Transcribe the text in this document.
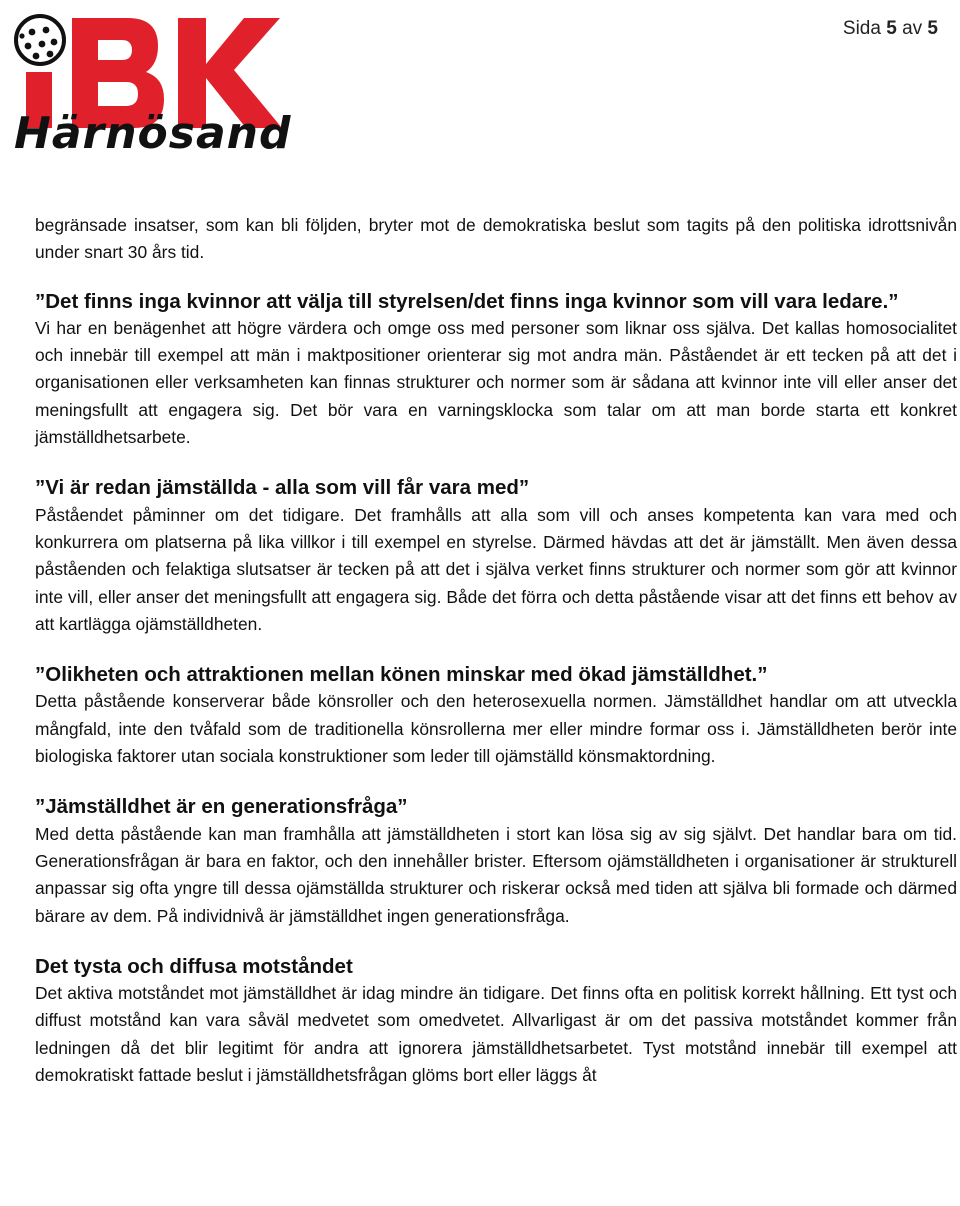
Härnösand
Sida 5 av 5

begränsade insatser, som kan bli följden, bryter mot de demokratiska beslut som tagits på den politiska idrottsnivån under snart 30 års tid.

”Det finns inga kvinnor att välja till styrelsen/det finns inga kvinnor som vill vara ledare.”

Vi har en benägenhet att högre värdera och omge oss med personer som liknar oss själva. Det kallas homosocialitet och innebär till exempel att män i maktpositioner orienterar sig mot andra män. Påståendet är ett tecken på att det i organisationen eller verksamheten kan finnas strukturer och normer som är sådana att kvinnor inte vill eller anser det meningsfullt att engagera sig. Det bör vara en varningsklocka som talar om att man borde starta ett konkret jämställdhetsarbete.

”Vi är redan jämställda - alla som vill får vara med”

Påståendet påminner om det tidigare. Det framhålls att alla som vill och anses kompetenta kan vara med och konkurrera om platserna på lika villkor i till exempel en styrelse. Därmed hävdas att det är jämställt. Men även dessa påståenden och felaktiga slutsatser är tecken på att det i själva verket finns strukturer och normer som gör att kvinnor inte vill, eller anser det meningsfullt att engagera sig. Både det förra och detta påstående visar att det finns ett behov av att kartlägga ojämställdheten.

”Olikheten och attraktionen mellan könen minskar med ökad jämställdhet.”

Detta påstående konserverar både könsroller och den heterosexuella normen. Jämställdhet handlar om att utveckla mångfald, inte den tvåfald som de traditionella könsrollerna mer eller mindre formar oss i. Jämställdheten berör inte biologiska faktorer utan sociala konstruktioner som leder till ojämställd könsmaktordning.

”Jämställdhet är en generationsfråga”

Med detta påstående kan man framhålla att jämställdheten i stort kan lösa sig av sig självt. Det handlar bara om tid. Generationsfrågan är bara en faktor, och den innehåller brister. Eftersom ojämställdheten i organisationer är strukturell anpassar sig ofta yngre till dessa ojämställda strukturer och riskerar också med tiden att själva bli formade och därmed bärare av dem. På individnivå är jämställdhet ingen generationsfråga.

Det tysta och diffusa motståndet

Det aktiva motståndet mot jämställdhet är idag mindre än tidigare. Det finns ofta en politisk korrekt hållning. Ett tyst och diffust motstånd kan vara såväl medvetet som omedvetet. Allvarligast är om det passiva motståndet kommer från ledningen då det blir legitimt för andra att ignorera jämställdhetsarbetet. Tyst motstånd innebär till exempel att demokratiskt fattade beslut i jämställdhetsfrågan glöms bort eller läggs åt
